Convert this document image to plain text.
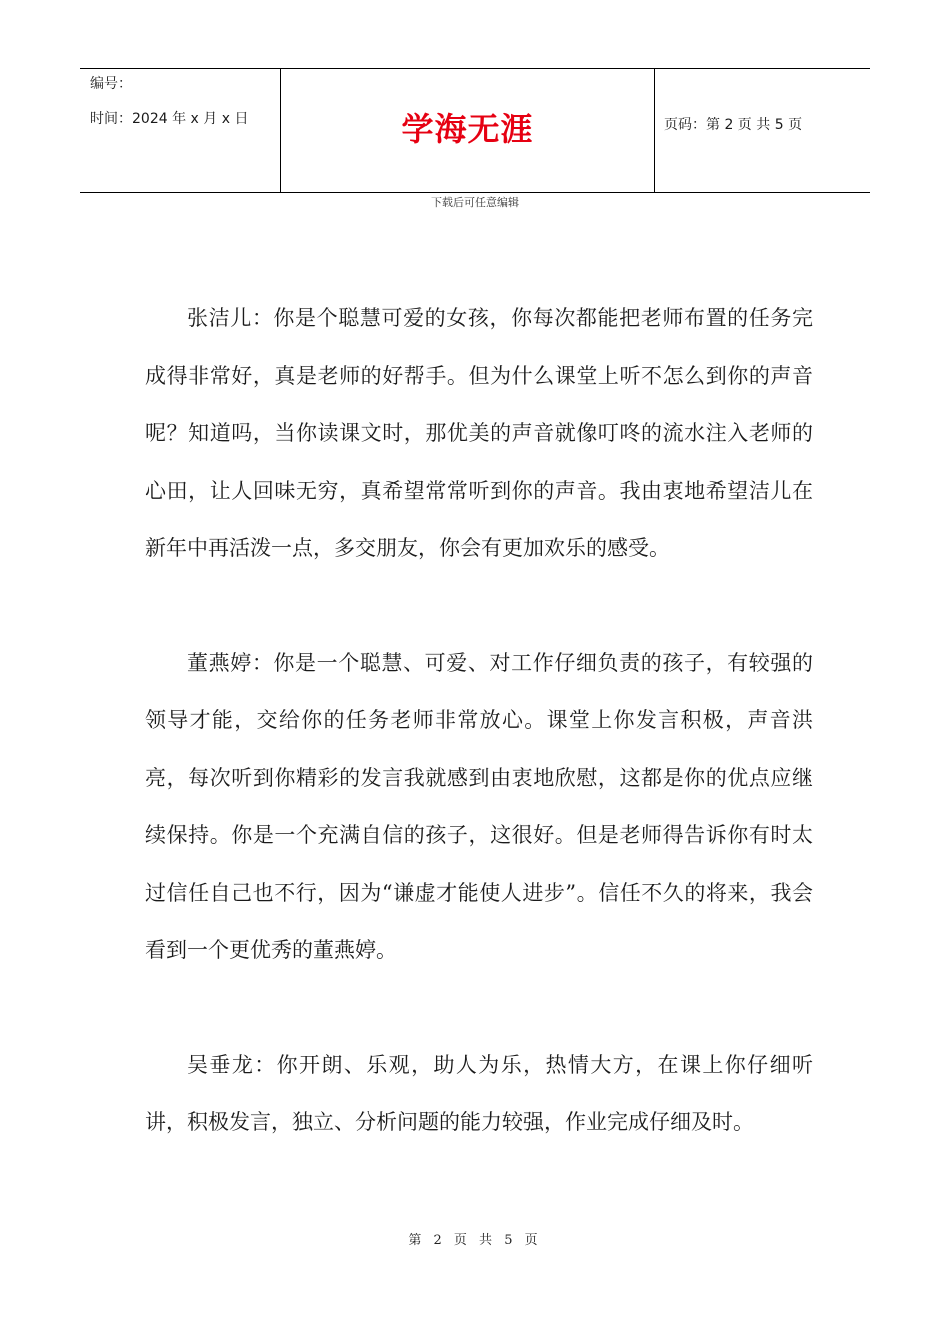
编号：
时间：2024 年 x 月 x 日	学海无涯	页码：第 2 页 共 5 页
下载后可任意编辑

张洁儿：你是个聪慧可爱的女孩，你每次都能把老师布置的任务完成得非常好，真是老师的好帮手。但为什么课堂上听不怎么到你的声音呢？知道吗，当你读课文时，那优美的声音就像叮咚的流水注入老师的心田，让人回味无穷，真希望常常听到你的声音。我由衷地希望洁儿在新年中再活泼一点，多交朋友，你会有更加欢乐的感受。

董燕婷：你是一个聪慧、可爱、对工作仔细负责的孩子，有较强的领导才能，交给你的任务老师非常放心。课堂上你发言积极，声音洪亮，每次听到你精彩的发言我就感到由衷地欣慰，这都是你的优点应继续保持。你是一个充满自信的孩子，这很好。但是老师得告诉你有时太过信任自己也不行，因为“谦虚才能使人进步”。信任不久的将来，我会看到一个更优秀的董燕婷。

吴垂龙：你开朗、乐观，助人为乐，热情大方，在课上你仔细听讲，积极发言，独立、分析问题的能力较强，作业完成仔细及时。

第 2 页 共 5 页
